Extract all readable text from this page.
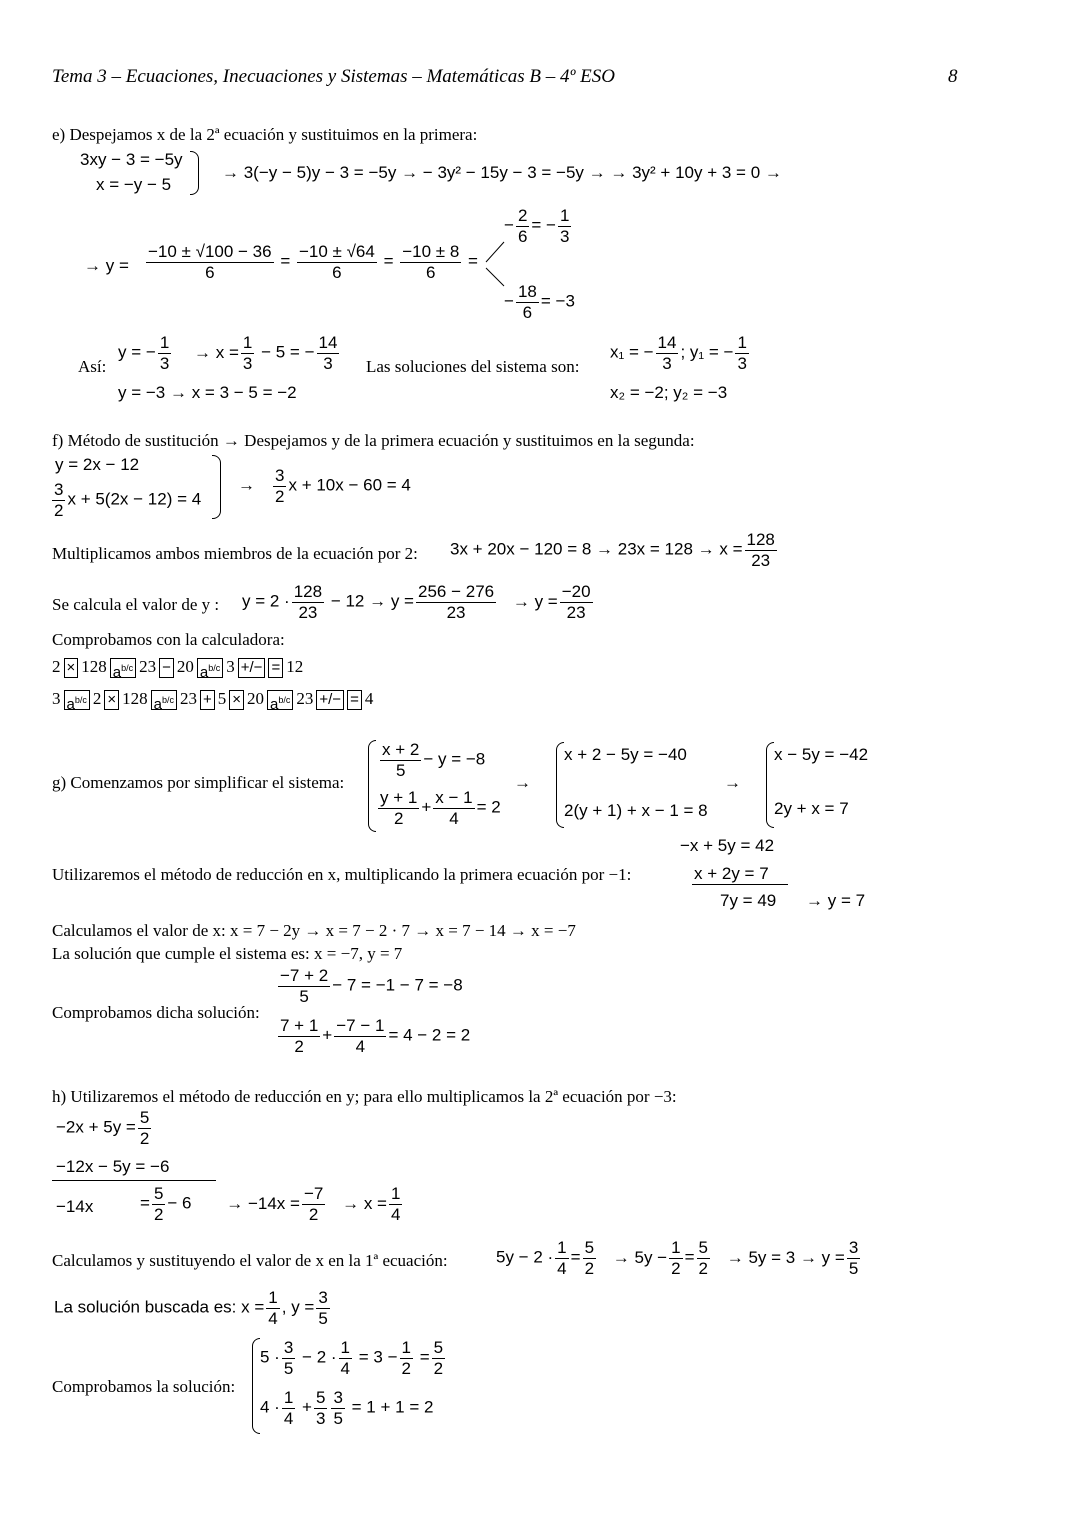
Tema 3 – Ecuaciones, Inecuaciones y Sistemas – Matemáticas B – 4º ESO	8
e) Despejamos x de la 2ª ecuación y sustituimos en la primera:
3xy − 3 = −5y
x = −y − 5
→ 3(−y − 5)y − 3 = −5y → − 3y² − 15y − 3 = −5y → → 3y² + 10y + 3 = 0 →
→ $y = \frac{-10 \pm √100 - 36}{6} = \frac{-10 \pm √64}{6} = \frac{-10 \pm 8}{6}$ =
− $\frac{2}{6}$ = − $\frac{1}{3}$
− $\frac{18}{6} = -3$
Así:
y = − $\frac{1}{3} \to x = \frac{1}{3} - 5$ = − $\frac{14}{3}$
y = −3 → x = 3 − 5 = −2
Las soluciones del sistema son:
x₁ = − $\frac{14}{3}$ ; y₁ = − $\frac{1}{3}$
x₂ = −2; y₂ = −3
f) Método de sustitución → Despejamos y de la primera ecuación y sustituimos en la segunda:
y = 2x − 12
$\frac{3}{2}$ x + 5(2x − 12) = 4
→ $\frac{3}{2}$ x + 10x − 60 = 4
Multiplicamos ambos miembros de la ecuación por 2: $3x + 20x - 120 = 8 \to 23x = 128 \to x = \frac{128}{23}$
Se calcula el valor de y : $y = 2 \cdot \frac{128}{23} - 12 \to y = \frac{256 - 276}{23} \to y = \frac{-20}{23}$
Comprobamos con la calculadora:
2 × 128 $a^{b/c}$ 23 − 20 $a^{b/c}$ 3 +/− = 12
3 $a^{b/c}$ 2 × 128 $a^{b/c}$ 23 + 5 × 20 $a^{b/c}$ 23 +/− = 4
g) Comenzamos por simplificar el sistema:
$\frac{x + 2}{5} - y = -8$
$\frac{y + 1}{2} + \frac{x - 1}{4} = 2$
→
x + 2 − 5y = −40
2(y + 1) + x − 1 = 8
→
x − 5y = −42
2y + x = 7
Utilizaremos el método de reducción en x, multiplicando la primera ecuación por −1:
−x + 5y = 42
x + 2y = 7
7y = 49 → y = 7
Calculamos el valor de x: x = 7 − 2y → x = 7 − 2 · 7 → x = 7 − 14 → x = −7
La solución que cumple el sistema es: x = −7, y = 7
Comprobamos dicha solución:
$\frac{-7 + 2}{5} - 7 = -1 - 7 = -8$
$\frac{7 + 1}{2} + \frac{-7 - 1}{4} = 4 - 2 = 2$
h) Utilizaremos el método de reducción en y; para ello multiplicamos la 2ª ecuación por −3:
$-2x + 5y = \frac{5}{2}$
−12x − 5y = −6
−14x	= $\frac{5}{2} - 6 \to -14x = \frac{-7}{2} \to x = \frac{1}{4}$
Calculamos y sustituyendo el valor de x en la 1ª ecuación:	$5y - 2 \cdot \frac{1}{4} = \frac{5}{2} \to 5y - \frac{1}{2} = \frac{5}{2} \to 5y = 3 \to y = \frac{3}{5}$
La solución buscada es: $x = \frac{1}{4}$ , $y = \frac{3}{5}$
Comprobamos la solución:
$5 \cdot \frac{3}{5} - 2 \cdot \frac{1}{4} = 3 - \frac{1}{2} = \frac{5}{2}$
$4 \cdot \frac{1}{4} + \frac{5}{3} \frac{3}{5} = 1 + 1 = 2$
